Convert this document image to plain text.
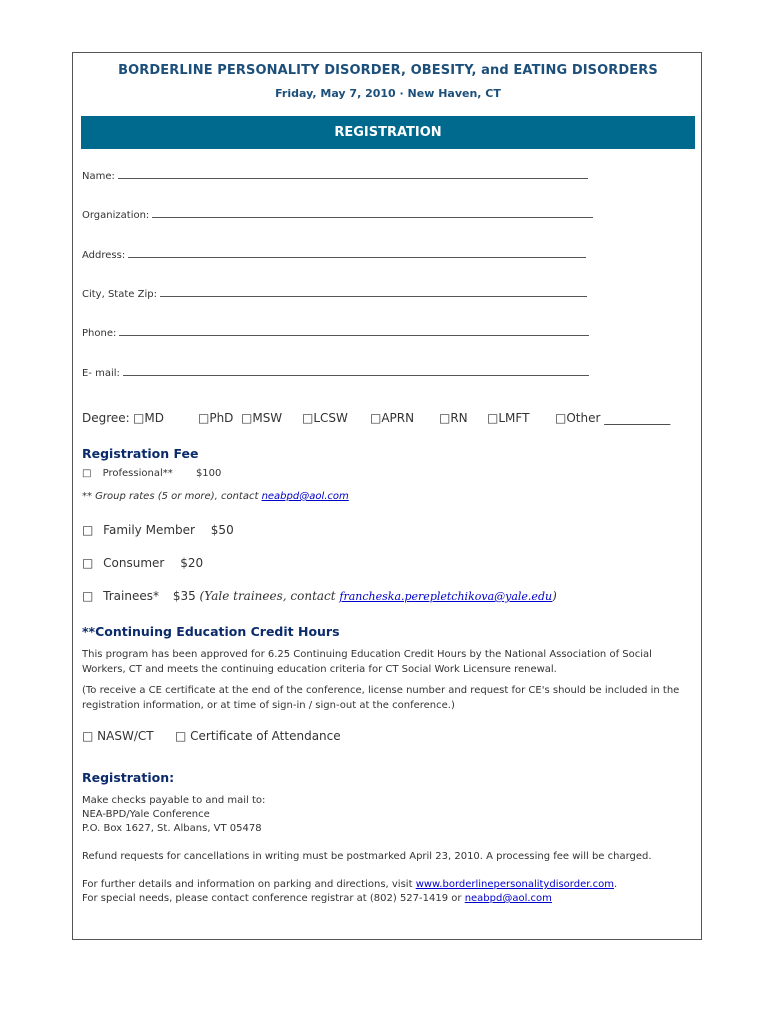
BORDERLINE PERSONALITY DISORDER, OBESITY, and EATING DISORDERS
Friday, May 7, 2010 · New Haven, CT
REGISTRATION
Name:
Organization:
Address:
City, State Zip:
Phone:
E- mail:
Degree: □MD	□PhD □MSW □LCSW □APRN □RN □LMFT □Other ___________
Registration Fee
□ Professional** $100
** Group rates (5 or more), contact neabpd@aol.com
□ Family Member $50
□ Consumer $20
□ Trainees* $35 (Yale trainees, contact francheska.perepletchikova@yale.edu)
**Continuing Education Credit Hours
This program has been approved for 6.25 Continuing Education Credit Hours by the National Association of Social Workers, CT and meets the continuing education criteria for CT Social Work Licensure renewal.
(To receive a CE certificate at the end of the conference, license number and request for CE's should be included in the registration information, or at time of sign-in / sign-out at the conference.)
□ NASW/CT □ Certificate of Attendance
Registration:
Make checks payable to and mail to:
NEA-BPD/Yale Conference
P.O. Box 1627, St. Albans, VT 05478
Refund requests for cancellations in writing must be postmarked April 23, 2010. A processing fee will be charged.
For further details and information on parking and directions, visit www.borderlinepersonalitydisorder.com.
For special needs, please contact conference registrar at (802) 527-1419 or neabpd@aol.com
